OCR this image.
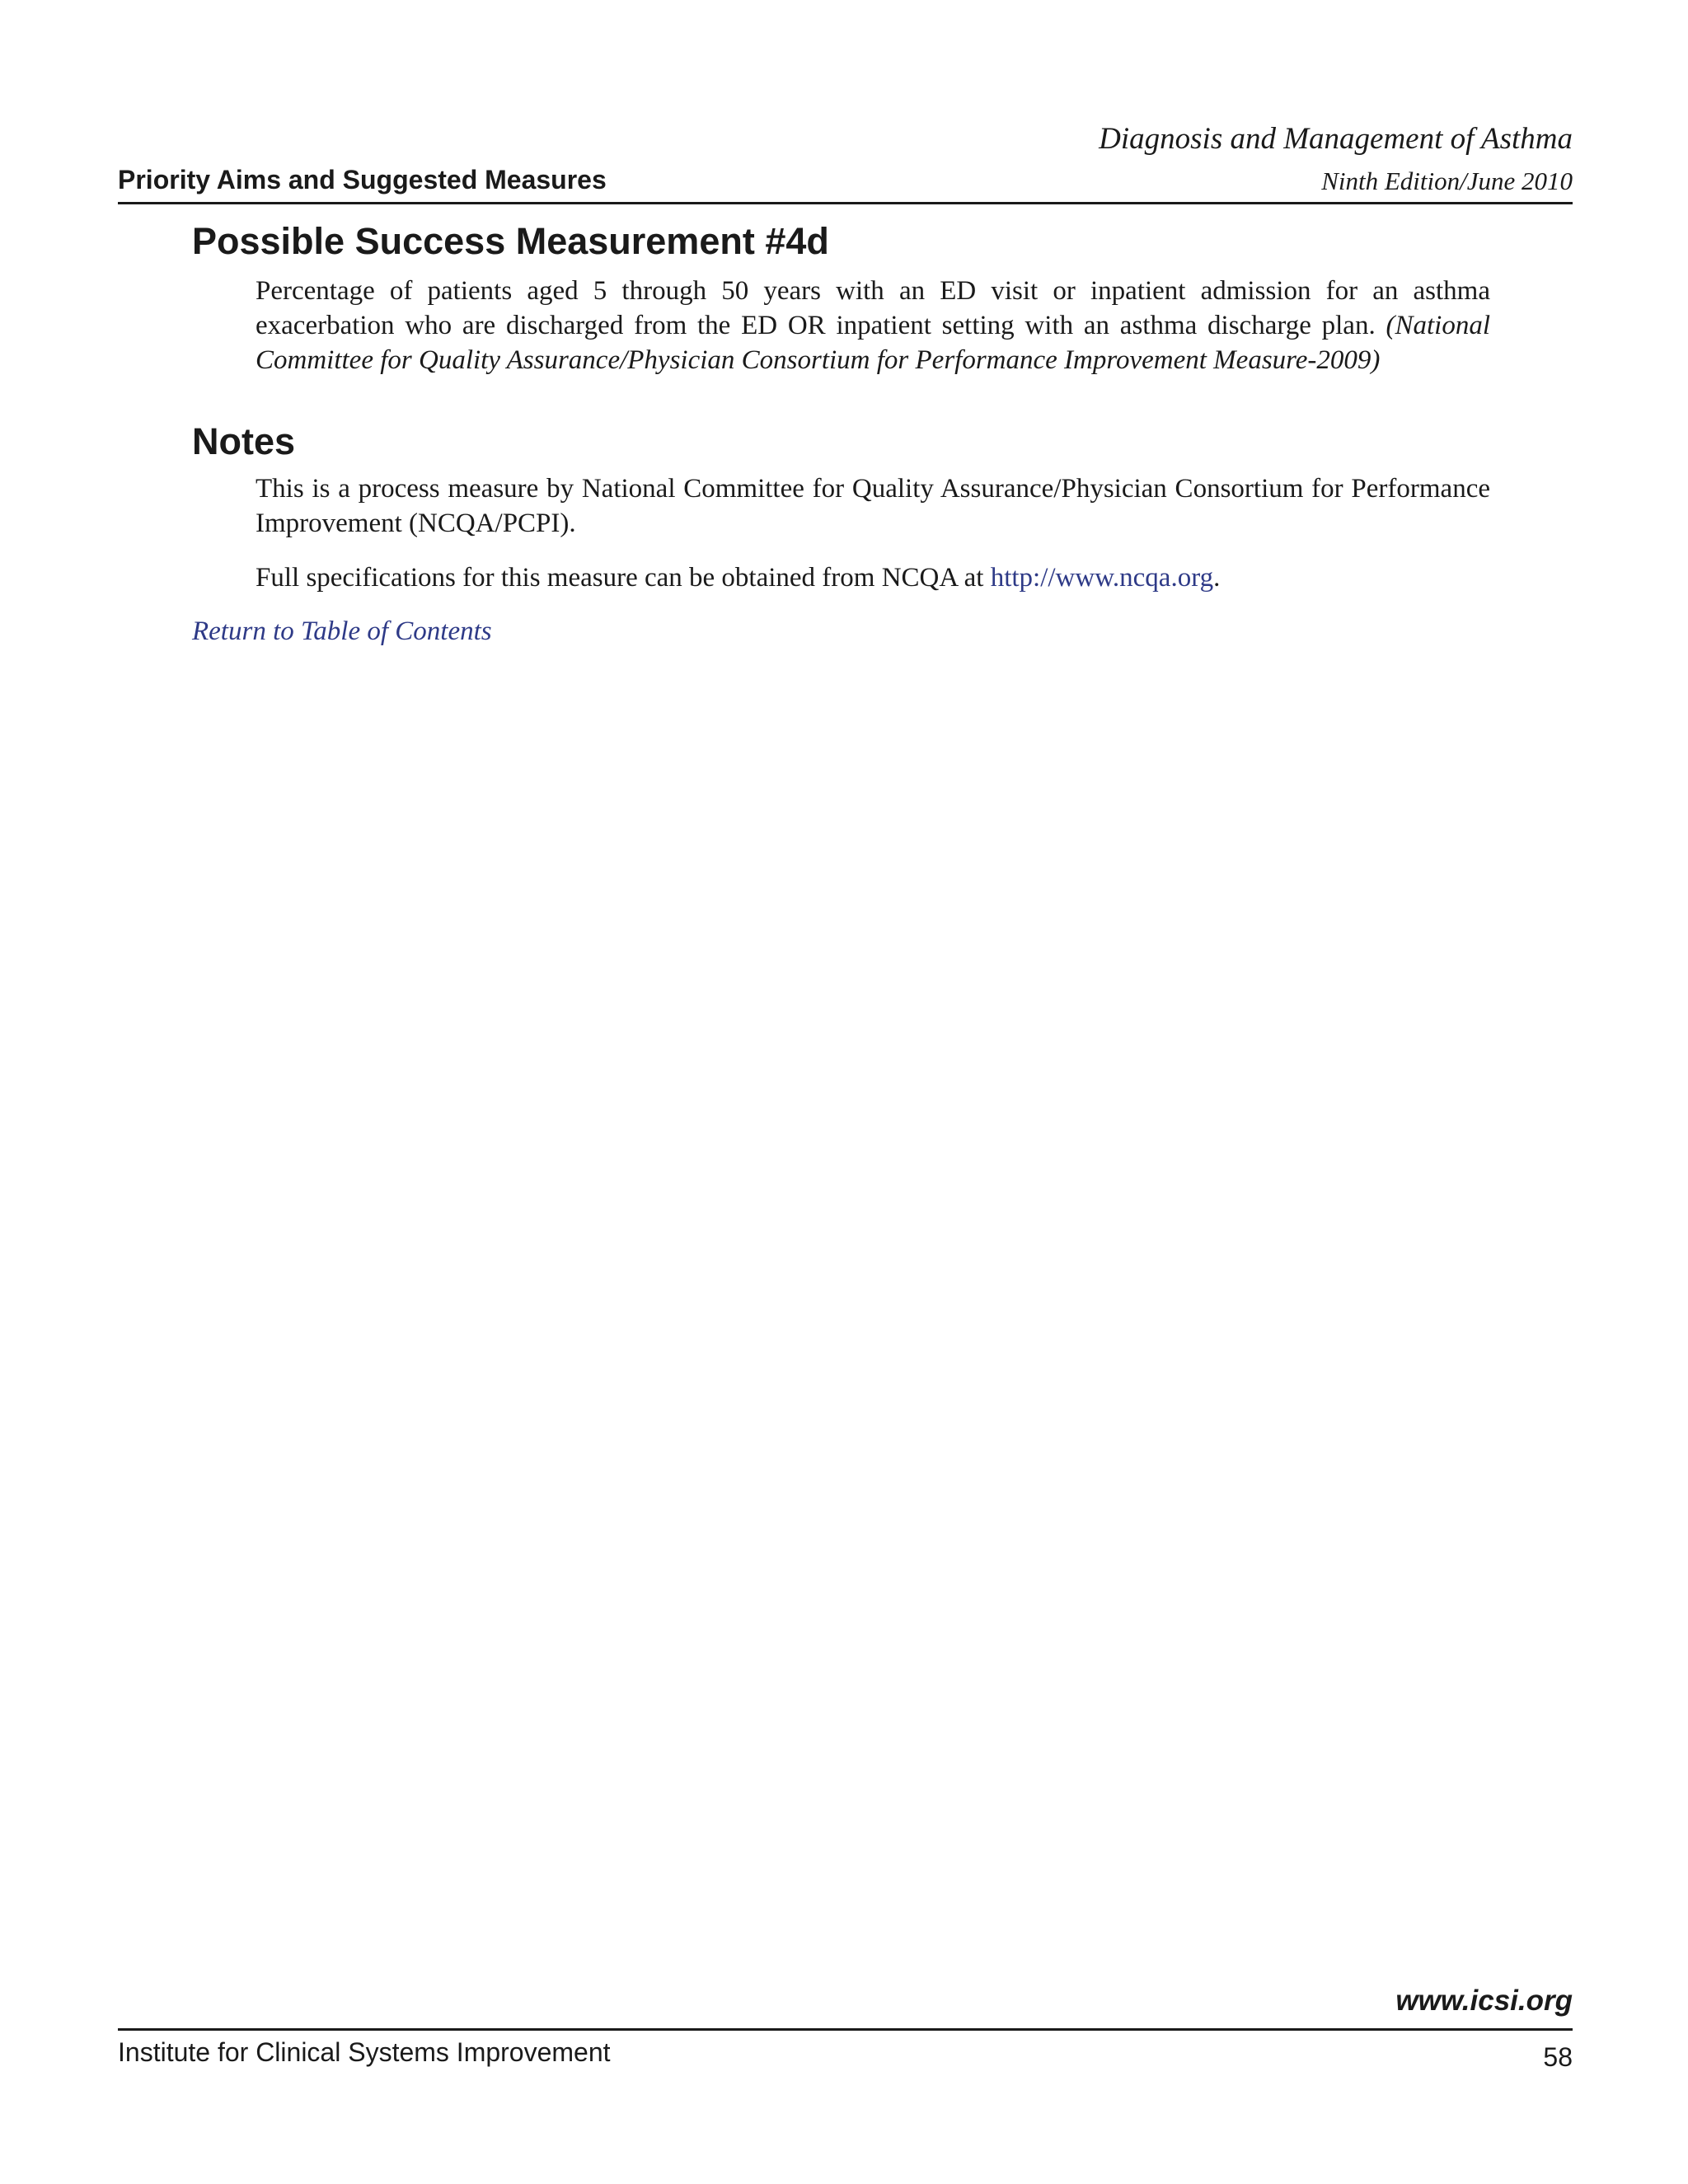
Diagnosis and Management of Asthma
Priority Aims and Suggested Measures	Ninth Edition/June 2010
Possible Success Measurement #4d

Percentage of patients aged 5 through 50 years with an ED visit or inpatient admission for an asthma exacerbation who are discharged from the ED OR inpatient setting with an asthma discharge plan. (National Committee for Quality Assurance/Physician Consortium for Performance Improvement Measure-2009)

Notes

This is a process measure by National Committee for Quality Assurance/Physician Consortium for Performance Improvement (NCQA/PCPI).

Full specifications for this measure can be obtained from NCQA at http://www.ncqa.org.

Return to Table of Contents
www.icsi.org
Institute for Clinical Systems Improvement	58
